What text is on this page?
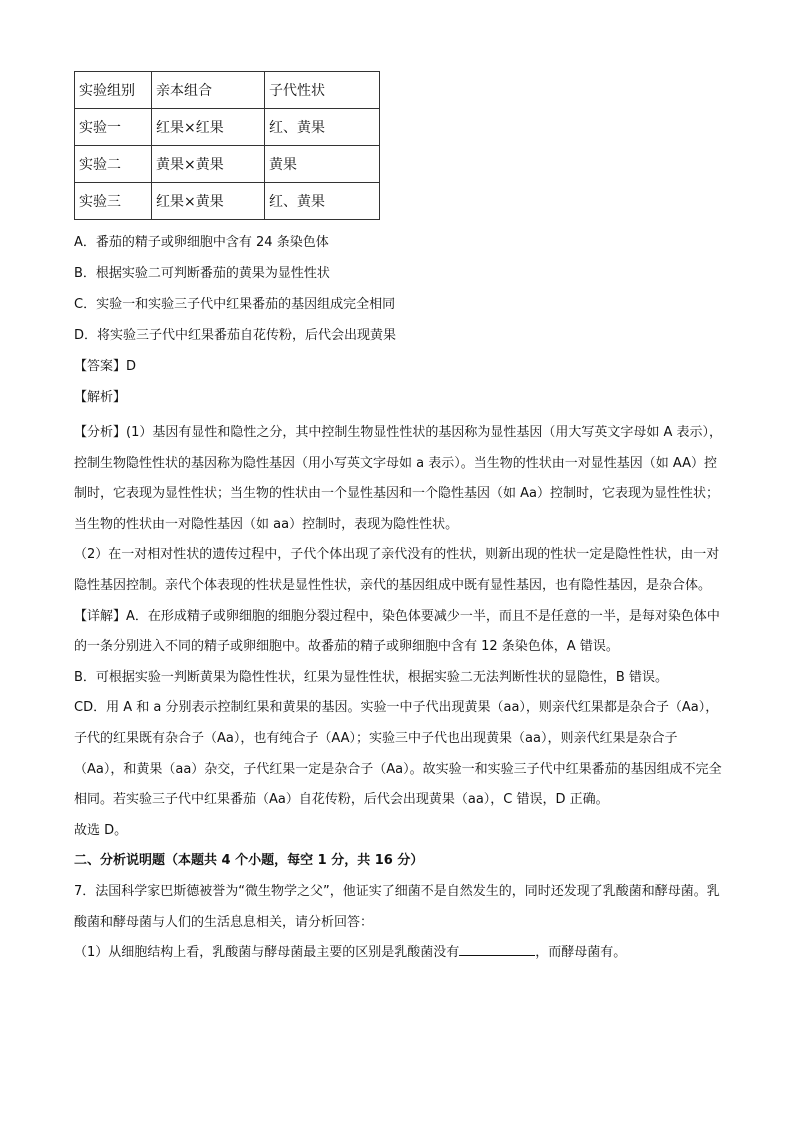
实验组别	亲本组合	子代性状
实验一	红果×红果	红、黄果
实验二	黄果×黄果	黄果
实验三	红果×黄果	红、黄果
A．番茄的精子或卵细胞中含有 24 条染色体
B．根据实验二可判断番茄的黄果为显性性状
C．实验一和实验三子代中红果番茄的基因组成完全相同
D．将实验三子代中红果番茄自花传粉，后代会出现黄果
【答案】D
【解析】

【分析】(1）基因有显性和隐性之分，其中控制生物显性性状的基因称为显性基因（用大写英文字母如 A 表示），控制生物隐性性状的基因称为隐性基因（用小写英文字母如 a 表示）。当生物的性状由一对显性基因（如 AA）控制时，它表现为显性性状；当生物的性状由一个显性基因和一个隐性基因（如 Aa）控制时，它表现为显性性状；当生物的性状由一对隐性基因（如 aa）控制时，表现为隐性性状。

（2）在一对相对性状的遗传过程中，子代个体出现了亲代没有的性状，则新出现的性状一定是隐性性状，由一对隐性基因控制。亲代个体表现的性状是显性性状，亲代的基因组成中既有显性基因，也有隐性基因，是杂合体。

【详解】A．在形成精子或卵细胞的细胞分裂过程中，染色体要减少一半，而且不是任意的一半，是每对染色体中的一条分别进入不同的精子或卵细胞中。故番茄的精子或卵细胞中含有 12 条染色体，A 错误。

B．可根据实验一判断黄果为隐性性状，红果为显性性状，根据实验二无法判断性状的显隐性，B 错误。

CD．用 A 和 a 分别表示控制红果和黄果的基因。实验一中子代出现黄果（aa），则亲代红果都是杂合子（Aa），子代的红果既有杂合子（Aa），也有纯合子（AA）；实验三中子代也出现黄果（aa），则亲代红果是杂合子（Aa），和黄果（aa）杂交，子代红果一定是杂合子（Aa）。故实验一和实验三子代中红果番茄的基因组成不完全相同。若实验三子代中红果番茄（Aa）自花传粉，后代会出现黄果（aa），C 错误，D 正确。

故选 D。

二、分析说明题（本题共 4 个小题，每空 1 分，共 16 分）

7．法国科学家巴斯德被誉为“微生物学之父”，他证实了细菌不是自然发生的，同时还发现了乳酸菌和酵母菌。乳酸菌和酵母菌与人们的生活息息相关，请分析回答：

（1）从细胞结构上看，乳酸菌与酵母菌最主要的区别是乳酸菌没有	，而酵母菌有。
